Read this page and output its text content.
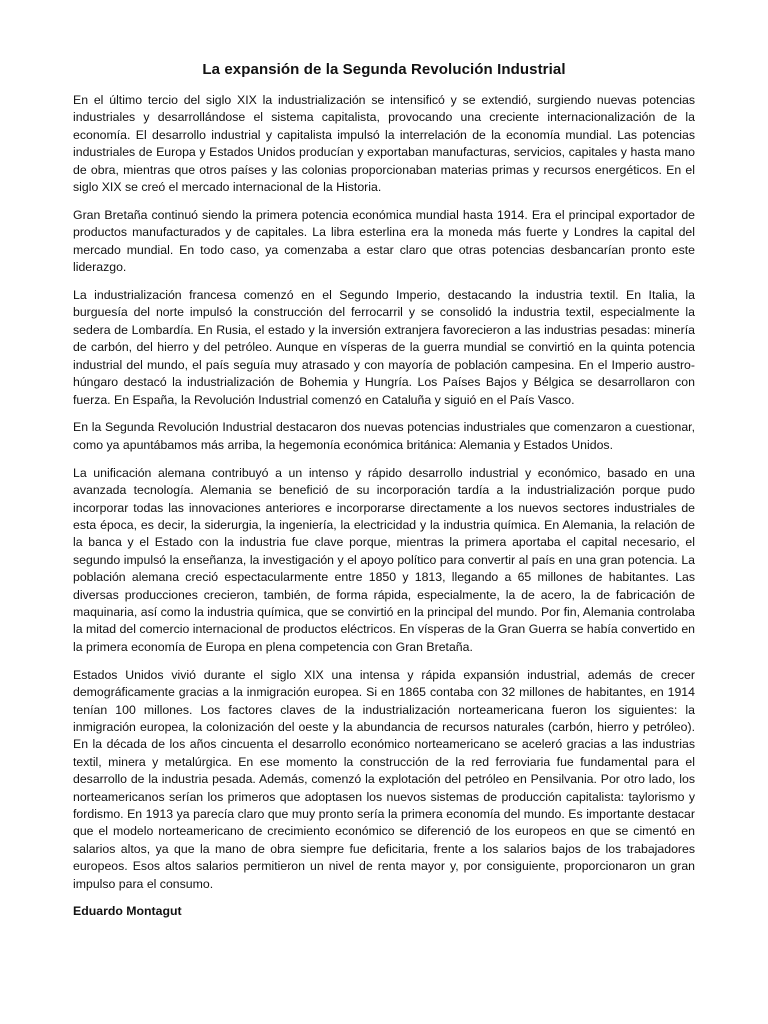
La expansión de la Segunda Revolución Industrial

En el último tercio del siglo XIX la industrialización se intensificó y se extendió, surgiendo nuevas potencias industriales y desarrollándose el sistema capitalista, provocando una creciente internacionalización de la economía. El desarrollo industrial y capitalista impulsó la interrelación de la economía mundial. Las potencias industriales de Europa y Estados Unidos producían y exportaban manufacturas, servicios, capitales y hasta mano de obra, mientras que otros países y las colonias proporcionaban materias primas y recursos energéticos. En el siglo XIX se creó el mercado internacional de la Historia.

Gran Bretaña continuó siendo la primera potencia económica mundial hasta 1914. Era el principal exportador de productos manufacturados y de capitales. La libra esterlina era la moneda más fuerte y Londres la capital del mercado mundial. En todo caso, ya comenzaba a estar claro que otras potencias desbancarían pronto este liderazgo.

La industrialización francesa comenzó en el Segundo Imperio, destacando la industria textil. En Italia, la burguesía del norte impulsó la construcción del ferrocarril y se consolidó la industria textil, especialmente la sedera de Lombardía. En Rusia, el estado y la inversión extranjera favorecieron a las industrias pesadas: minería de carbón, del hierro y del petróleo. Aunque en vísperas de la guerra mundial se convirtió en la quinta potencia industrial del mundo, el país seguía muy atrasado y con mayoría de población campesina. En el Imperio austro-húngaro destacó la industrialización de Bohemia y Hungría. Los Países Bajos y Bélgica se desarrollaron con fuerza. En España, la Revolución Industrial comenzó en Cataluña y siguió en el País Vasco.

En la Segunda Revolución Industrial destacaron dos nuevas potencias industriales que comenzaron a cuestionar, como ya apuntábamos más arriba, la hegemonía económica británica: Alemania y Estados Unidos.

La unificación alemana contribuyó a un intenso y rápido desarrollo industrial y económico, basado en una avanzada tecnología. Alemania se benefició de su incorporación tardía a la industrialización porque pudo incorporar todas las innovaciones anteriores e incorporarse directamente a los nuevos sectores industriales de esta época, es decir, la siderurgia, la ingeniería, la electricidad y la industria química. En Alemania, la relación de la banca y el Estado con la industria fue clave porque, mientras la primera aportaba el capital necesario, el segundo impulsó la enseñanza, la investigación y el apoyo político para convertir al país en una gran potencia. La población alemana creció espectacularmente entre 1850 y 1813, llegando a 65 millones de habitantes. Las diversas producciones crecieron, también, de forma rápida, especialmente, la de acero, la de fabricación de maquinaria, así como la industria química, que se convirtió en la principal del mundo. Por fin, Alemania controlaba la mitad del comercio internacional de productos eléctricos. En vísperas de la Gran Guerra se había convertido en la primera economía de Europa en plena competencia con Gran Bretaña.

Estados Unidos vivió durante el siglo XIX una intensa y rápida expansión industrial, además de crecer demográficamente gracias a la inmigración europea. Si en 1865 contaba con 32 millones de habitantes, en 1914 tenían 100 millones. Los factores claves de la industrialización norteamericana fueron los siguientes: la inmigración europea, la colonización del oeste y la abundancia de recursos naturales (carbón, hierro y petróleo). En la década de los años cincuenta el desarrollo económico norteamericano se aceleró gracias a las industrias textil, minera y metalúrgica. En ese momento la construcción de la red ferroviaria fue fundamental para el desarrollo de la industria pesada. Además, comenzó la explotación del petróleo en Pensilvania. Por otro lado, los norteamericanos serían los primeros que adoptasen los nuevos sistemas de producción capitalista: taylorismo y fordismo. En 1913 ya parecía claro que muy pronto sería la primera economía del mundo. Es importante destacar que el modelo norteamericano de crecimiento económico se diferenció de los europeos en que se cimentó en salarios altos, ya que la mano de obra siempre fue deficitaria, frente a los salarios bajos de los trabajadores europeos. Esos altos salarios permitieron un nivel de renta mayor y, por consiguiente, proporcionaron un gran impulso para el consumo.

Eduardo Montagut
